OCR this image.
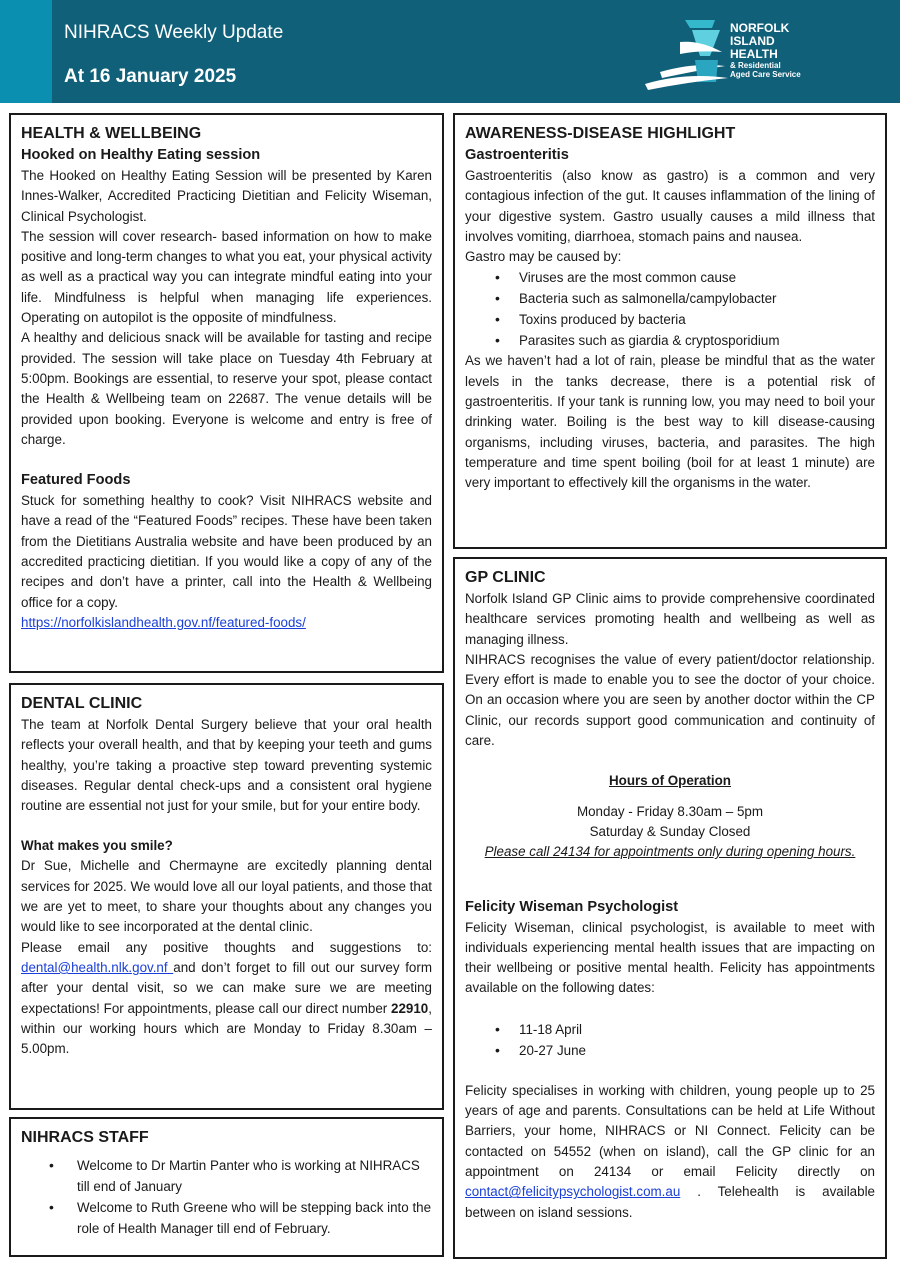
NIHRACS Weekly Update
At 16 January 2025
NORFOLK
ISLAND
HEALTH
& Residential
Aged Care Service
HEALTH & WELLBEING
Hooked on Healthy Eating session

The Hooked on Healthy Eating Session will be presented by Karen Innes-Walker, Accredited Practicing Dietitian and Felicity Wiseman, Clinical Psychologist.

The session will cover research- based information on how to make positive and long-term changes to what you eat, your physical activity as well as a practical way you can integrate mindful eating into your life. Mindfulness is helpful when managing life experiences. Operating on autopilot is the opposite of mindfulness.

A healthy and delicious snack will be available for tasting and recipe provided. The session will take place on Tuesday 4th February at 5:00pm. Bookings are essential, to reserve your spot, please contact the Health & Wellbeing team on 22687. The venue details will be provided upon booking. Everyone is welcome and entry is free of charge.

Featured Foods

Stuck for something healthy to cook? Visit NIHRACS website and have a read of the “Featured Foods” recipes. These have been taken from the Dietitians Australia website and have been produced by an accredited practicing dietitian. If you would like a copy of any of the recipes and don’t have a printer, call into the Health & Wellbeing office for a copy.

https://norfolkislandhealth.gov.nf/featured-foods/
DENTAL CLINIC

The team at Norfolk Dental Surgery believe that your oral health reflects your overall health, and that by keeping your teeth and gums healthy, you’re taking a proactive step toward preventing systemic diseases. Regular dental check-ups and a consistent oral hygiene routine are essential not just for your smile, but for your entire body.

What makes you smile?

Dr Sue, Michelle and Chermayne are excitedly planning dental services for 2025. We would love all our loyal patients, and those that we are yet to meet, to share your thoughts about any changes you would like to see incorporated at the dental clinic.

Please email any positive thoughts and suggestions to: dental@health.nlk.gov.nf and don’t forget to fill out our survey form after your dental visit, so we can make sure we are meeting expectations! For appointments, please call our direct number 22910, within our working hours which are Monday to Friday 8.30am – 5.00pm.

NIHRACS STAFF
• Welcome to Dr Martin Panter who is working at NIHRACS till end of January
• Welcome to Ruth Greene who will be stepping back into the role of Health Manager till end of February.
AWARENESS-DISEASE HIGHLIGHT
Gastroenteritis

Gastroenteritis (also know as gastro) is a common and very contagious infection of the gut. It causes inflammation of the lining of your digestive system. Gastro usually causes a mild illness that involves vomiting, diarrhoea, stomach pains and nausea.

Gastro may be caused by:

• Viruses are the most common cause
• Bacteria such as salmonella/campylobacter
• Toxins produced by bacteria
• Parasites such as giardia & cryptosporidium

As we haven’t had a lot of rain, please be mindful that as the water levels in the tanks decrease, there is a potential risk of gastroenteritis. If your tank is running low, you may need to boil your drinking water. Boiling is the best way to kill disease-causing organisms, including viruses, bacteria, and parasites. The high temperature and time spent boiling (boil for at least 1 minute) are very important to effectively kill the organisms in the water.

GP CLINIC

Norfolk Island GP Clinic aims to provide comprehensive coordinated healthcare services promoting health and wellbeing as well as managing illness.

NIHRACS recognises the value of every patient/doctor relationship. Every effort is made to enable you to see the doctor of your choice. On an occasion where you are seen by another doctor within the CP Clinic, our records support good communication and continuity of care.

Hours of Operation

Monday - Friday 8.30am – 5pm

Saturday & Sunday Closed

Please call 24134 for appointments only during opening hours.

Felicity Wiseman Psychologist

Felicity Wiseman, clinical psychologist, is available to meet with individuals experiencing mental health issues that are impacting on their wellbeing or positive mental health. Felicity has appointments available on the following dates:

• 11-18 April
• 20-27 June

Felicity specialises in working with children, young people up to 25 years of age and parents. Consultations can be held at Life Without Barriers, your home, NIHRACS or NI Connect. Felicity can be contacted on 54552 (when on island), call the GP clinic for an appointment on 24134 or email Felicity directly on contact@felicitypsychologist.com.au . Telehealth is available between on island sessions.
